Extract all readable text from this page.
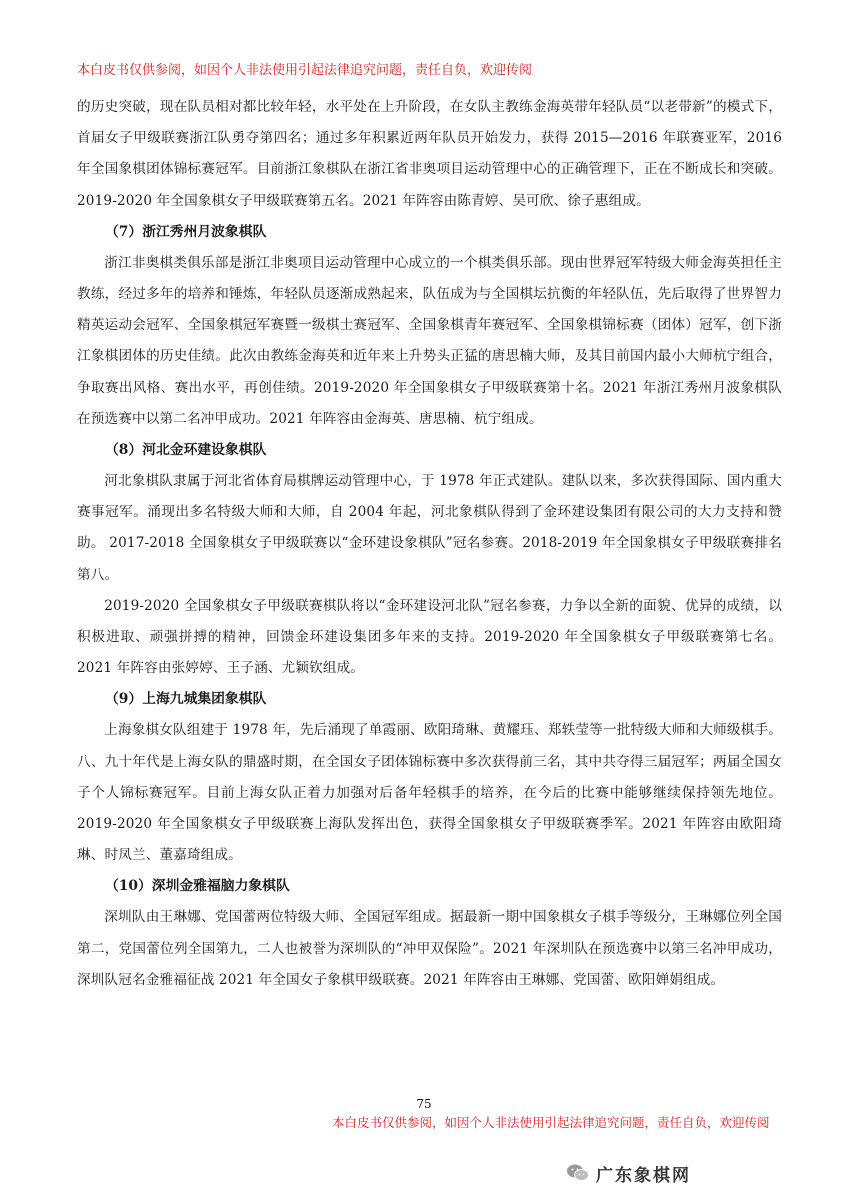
本白皮书仅供参阅，如因个人非法使用引起法律追究问题，责任自负，欢迎传阅

的历史突破，现在队员相对都比较年轻，水平处在上升阶段，在女队主教练金海英带年轻队员“以老带新”的模式下，首届女子甲级联赛浙江队勇夺第四名；通过多年积累近两年队员开始发力，获得 2015—2016 年联赛亚军，2016 年全国象棋团体锦标赛冠军。目前浙江象棋队在浙江省非奥项目运动管理中心的正确管理下，正在不断成长和突破。2019-2020 年全国象棋女子甲级联赛第五名。2021 年阵容由陈青婷、吴可欣、徐子惠组成。

（7）浙江秀州月波象棋队

浙江非奥棋类俱乐部是浙江非奥项目运动管理中心成立的一个棋类俱乐部。现由世界冠军特级大师金海英担任主教练，经过多年的培养和锤炼，年轻队员逐渐成熟起来，队伍成为与全国棋坛抗衡的年轻队伍，先后取得了世界智力精英运动会冠军、全国象棋冠军赛暨一级棋士赛冠军、全国象棋青年赛冠军、全国象棋锦标赛（团体）冠军，创下浙江象棋团体的历史佳绩。此次由教练金海英和近年来上升势头正猛的唐思楠大师，及其目前国内最小大师杭宁组合，争取赛出风格、赛出水平，再创佳绩。2019-2020 年全国象棋女子甲级联赛第十名。2021 年浙江秀州月波象棋队在预选赛中以第二名冲甲成功。2021 年阵容由金海英、唐思楠、杭宁组成。

（8）河北金环建设象棋队

河北象棋队隶属于河北省体育局棋牌运动管理中心，于 1978 年正式建队。建队以来，多次获得国际、国内重大赛事冠军。涌现出多名特级大师和大师，自 2004 年起，河北象棋队得到了金环建设集团有限公司的大力支持和赞助。 2017-2018 全国象棋女子甲级联赛以“金环建设象棋队”冠名参赛。2018-2019 年全国象棋女子甲级联赛排名第八。

2019-2020 全国象棋女子甲级联赛棋队将以“金环建设河北队”冠名参赛，力争以全新的面貌、优异的成绩，以积极进取、顽强拼搏的精神，回馈金环建设集团多年来的支持。2019-2020 年全国象棋女子甲级联赛第七名。2021 年阵容由张婷婷、王子涵、尤颖钦组成。

（9）上海九城集团象棋队

上海象棋女队组建于 1978 年，先后涌现了单霞丽、欧阳琦琳、黄耀珏、郑轶莹等一批特级大师和大师级棋手。八、九十年代是上海女队的鼎盛时期，在全国女子团体锦标赛中多次获得前三名，其中共夺得三届冠军；两届全国女子个人锦标赛冠军。目前上海女队正着力加强对后备年轻棋手的培养，在今后的比赛中能够继续保持领先地位。2019-2020 年全国象棋女子甲级联赛上海队发挥出色，获得全国象棋女子甲级联赛季军。2021 年阵容由欧阳琦琳、时凤兰、董嘉琦组成。

（10）深圳金雅福脑力象棋队

深圳队由王琳娜、党国蕾两位特级大师、全国冠军组成。据最新一期中国象棋女子棋手等级分，王琳娜位列全国第二，党国蕾位列全国第九，二人也被誉为深圳队的“冲甲双保险”。2021 年深圳队在预选赛中以第三名冲甲成功，深圳队冠名金雅福征战 2021 年全国女子象棋甲级联赛。2021 年阵容由王琳娜、党国蕾、欧阳婵娟组成。

75
本白皮书仅供参阅，如因个人非法使用引起法律追究问题，责任自负，欢迎传阅
广东象棋网
